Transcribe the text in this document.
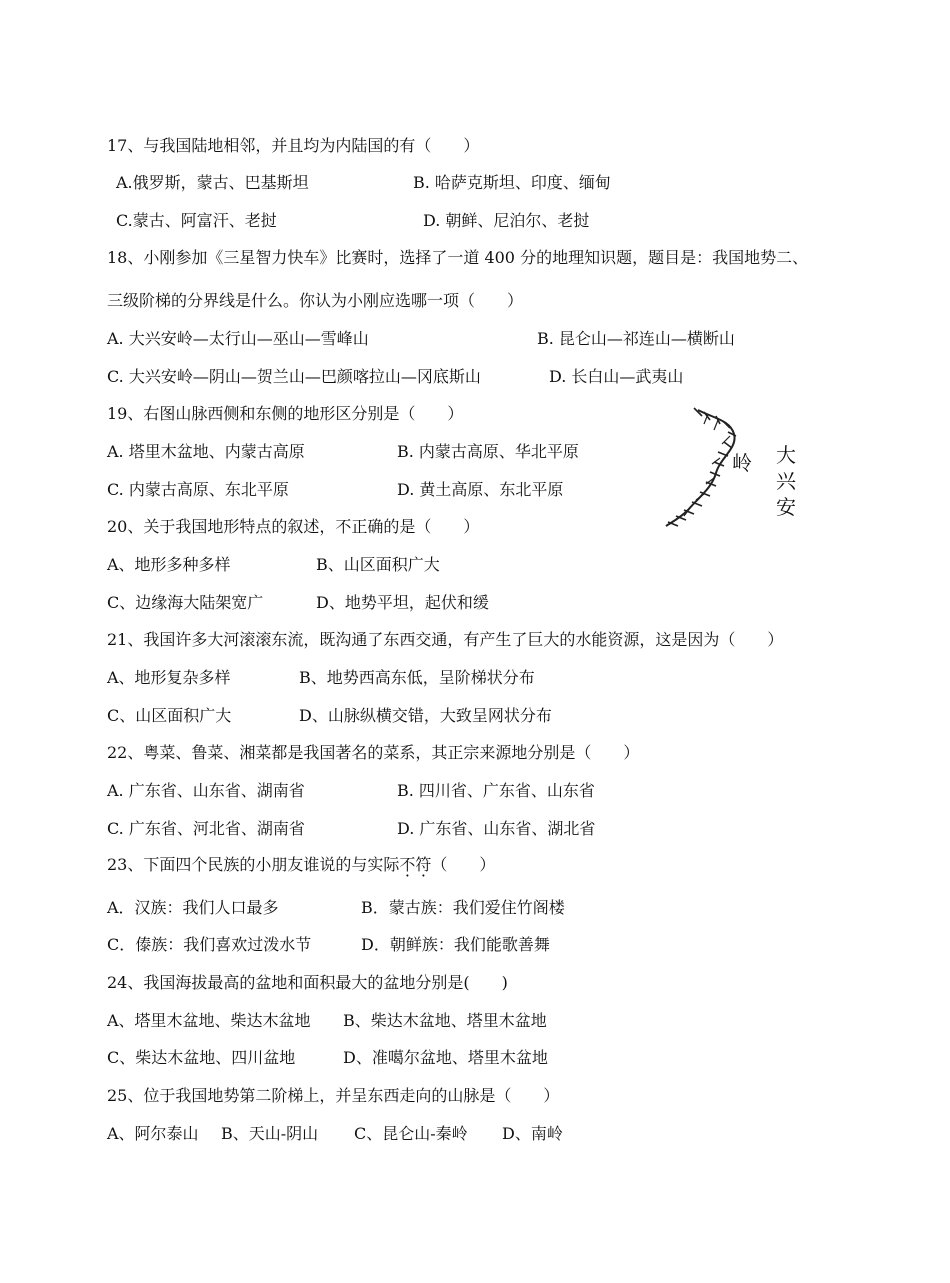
17、与我国陆地相邻，并且均为内陆国的有（　　）

A.俄罗斯，蒙古、巴基斯坦

	B. 哈萨克斯坦、印度、缅甸

C.蒙古、阿富汗、老挝

	D. 朝鲜、尼泊尔、老挝

18、小刚参加《三星智力快车》比赛时，选择了一道 400 分的地理知识题，题目是：我国地势二、

三级阶梯的分界线是什么。你认为小刚应选哪一项（　　）

A. 大兴安岭—太行山—巫山—雪峰山

	B. 昆仑山—祁连山—横断山

C. 大兴安岭—阴山—贺兰山—巴颜喀拉山—冈底斯山

	D. 长白山—武夷山

19、右图山脉西侧和东侧的地形区分别是（　　）

A. 塔里木盆地、内蒙古高原

	B. 内蒙古高原、华北平原

C. 内蒙古高原、东北平原

	D. 黄土高原、东北平原

岭 大
兴
安

20、关于我国地形特点的叙述，不正确的是（　　）

A、地形多种多样

	B、山区面积广大

C、边缘海大陆架宽广

	D、地势平坦，起伏和缓

21、我国许多大河滚滚东流，既沟通了东西交通，有产生了巨大的水能资源，这是因为（　　）

A、地形复杂多样

	B、地势西高东低，呈阶梯状分布

C、山区面积广大

	D、山脉纵横交错，大致呈网状分布

22、粤菜、鲁菜、湘菜都是我国著名的菜系，其正宗来源地分别是（　　）

A. 广东省、山东省、湖南省

	B. 四川省、广东省、山东省

C. 广东省、河北省、湖南省

	D. 广东省、山东省、湖北省

23、下面四个民族的小朋友谁说的与实际不符（　　）

A．汉族：我们人口最多

	B．蒙古族：我们爱住竹阁楼

C．傣族：我们喜欢过泼水节

	D．朝鲜族：我们能歌善舞

24、我国海拔最高的盆地和面积最大的盆地分别是(　　)

A、塔里木盆地、柴达木盆地

B、柴达木盆地、塔里木盆地

C、柴达木盆地、四川盆地

	D、准噶尔盆地、塔里木盆地

25、位于我国地势第二阶梯上，并呈东西走向的山脉是（　　）

A、阿尔泰山

B、天山-阴山

C、昆仑山-秦岭

D、南岭
